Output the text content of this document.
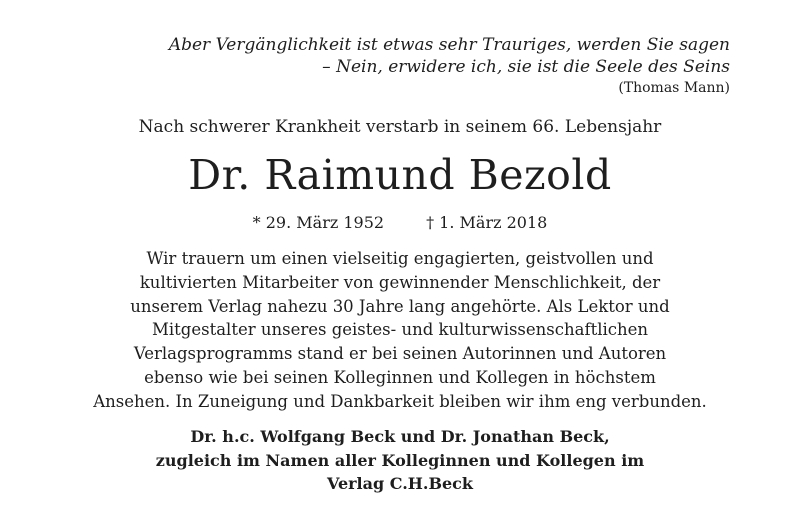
Aber Vergänglichkeit ist etwas sehr Trauriges, werden Sie sagen
– Nein, erwidere ich, sie ist die Seele des Seins
(Thomas Mann)
Nach schwerer Krankheit verstarb in seinem 66. Lebensjahr
Dr. Raimund Bezold
* 29. März 1952	† 1. März 2018
Wir trauern um einen vielseitig engagierten, geistvollen und
kultivierten Mitarbeiter von gewinnender Menschlichkeit, der
unserem Verlag nahezu 30 Jahre lang angehörte. Als Lektor und
Mitgestalter unseres geistes- und kulturwissenschaftlichen
Verlagsprogramms stand er bei seinen Autorinnen und Autoren
ebenso wie bei seinen Kolleginnen und Kollegen in höchstem
Ansehen. In Zuneigung und Dankbarkeit bleiben wir ihm eng verbunden.
Dr. h.c. Wolfgang Beck und Dr. Jonathan Beck,
zugleich im Namen aller Kolleginnen und Kollegen im
Verlag C.H.Beck
